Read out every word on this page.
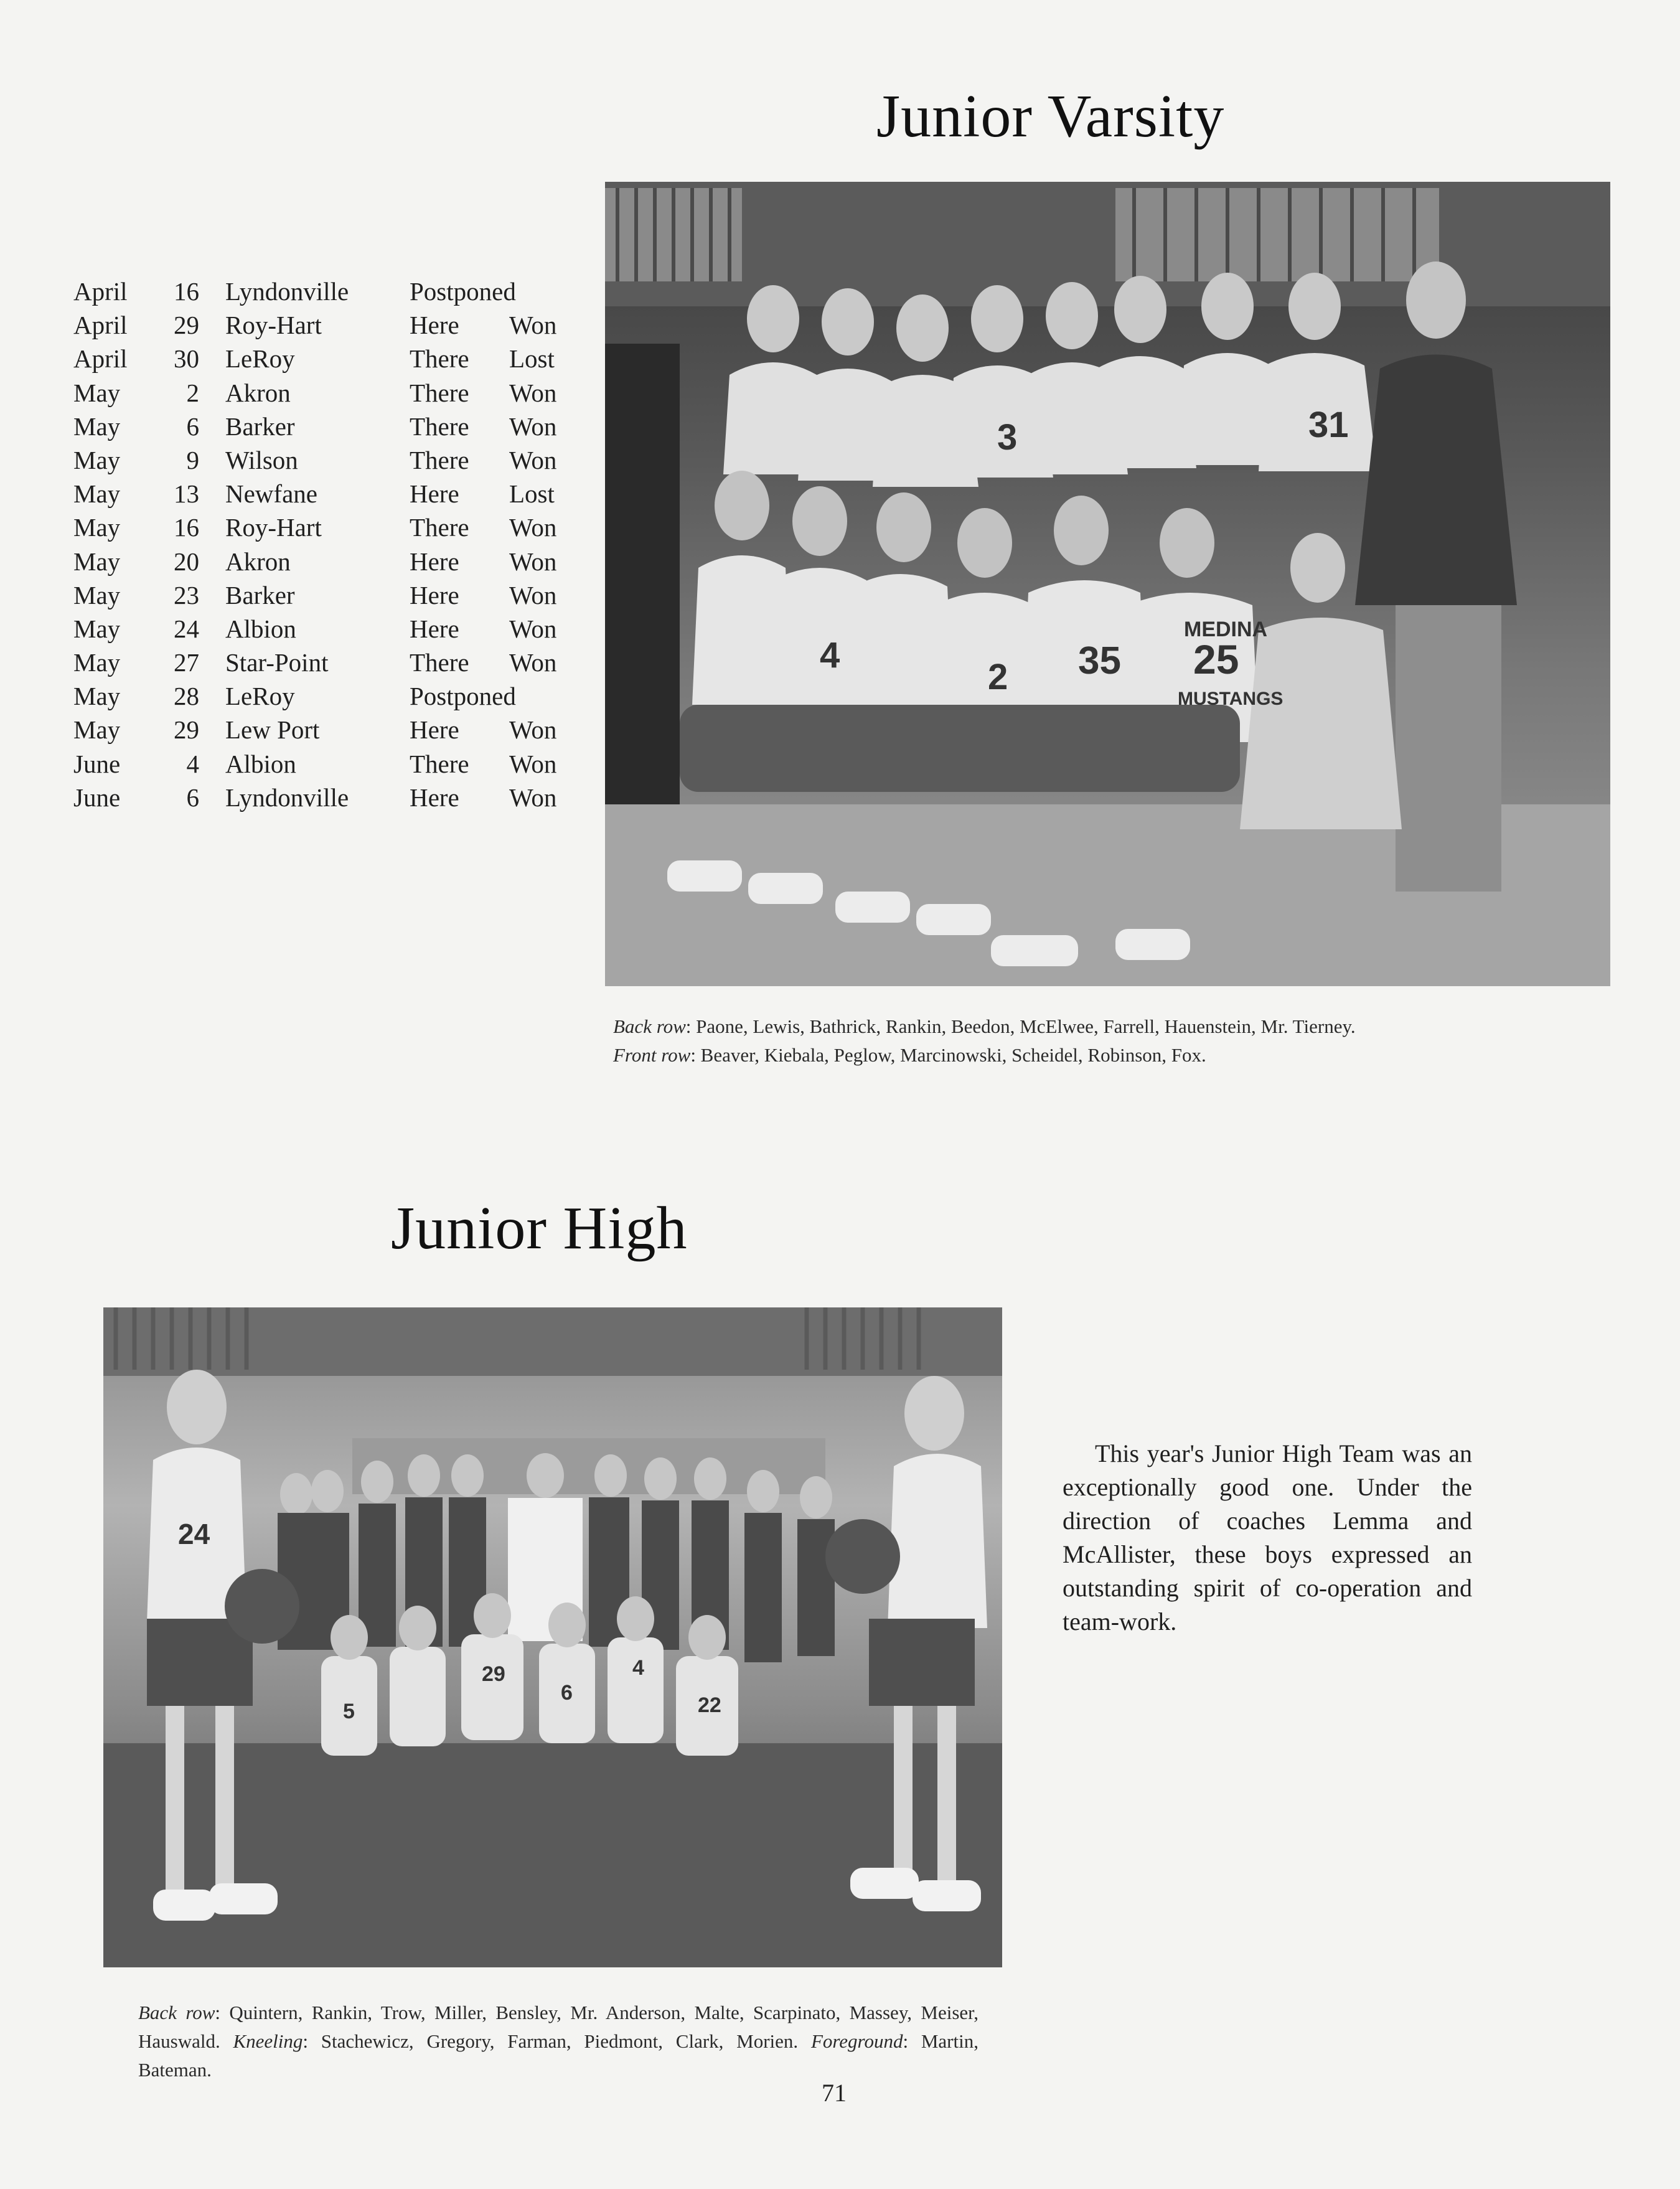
Junior Varsity
April	16 Lyndonville Postponed
April	29 Roy-Hart	Here Won
April	30 LeRoy	There Lost
May	2 Akron	There Won
May	6 Barker	There Won
May	9 Wilson	There Won
May	13 Newfane	Here Lost
May	16 Roy-Hart	There Won
May	20 Akron	Here Won
May	23 Barker	Here Won
May	24 Albion	Here Won
May	27 Star-Point	There Won
May	28 LeRoy	Postponed
May	29 Lew Port	Here Won
June	4 Albion	There Won
June	6 Lyndonville Here Won
31
25
35
4
3
2
MEDINA
MUSTANGS

Back row: Paone, Lewis, Bathrick, Rankin, Beedon, McElwee, Farrell, Hauenstein, Mr. Tierney.
Front row: Beaver, Kiebala, Peglow, Marcinowski, Scheidel, Robinson, Fox.

Junior High
24
29
6
5
4
22

This year's Junior High Team was an exceptionally good one. Under the direction of coaches Lemma and McAllister, these boys expressed an outstanding spirit of co-operation and team-work.

Back row: Quintern, Rankin, Trow, Miller, Bensley, Mr. Anderson, Malte, Scarpinato, Massey, Meiser, Hauswald. Kneeling: Stachewicz, Gregory, Farman, Piedmont, Clark, Morien. Foreground: Martin, Bateman.

71
